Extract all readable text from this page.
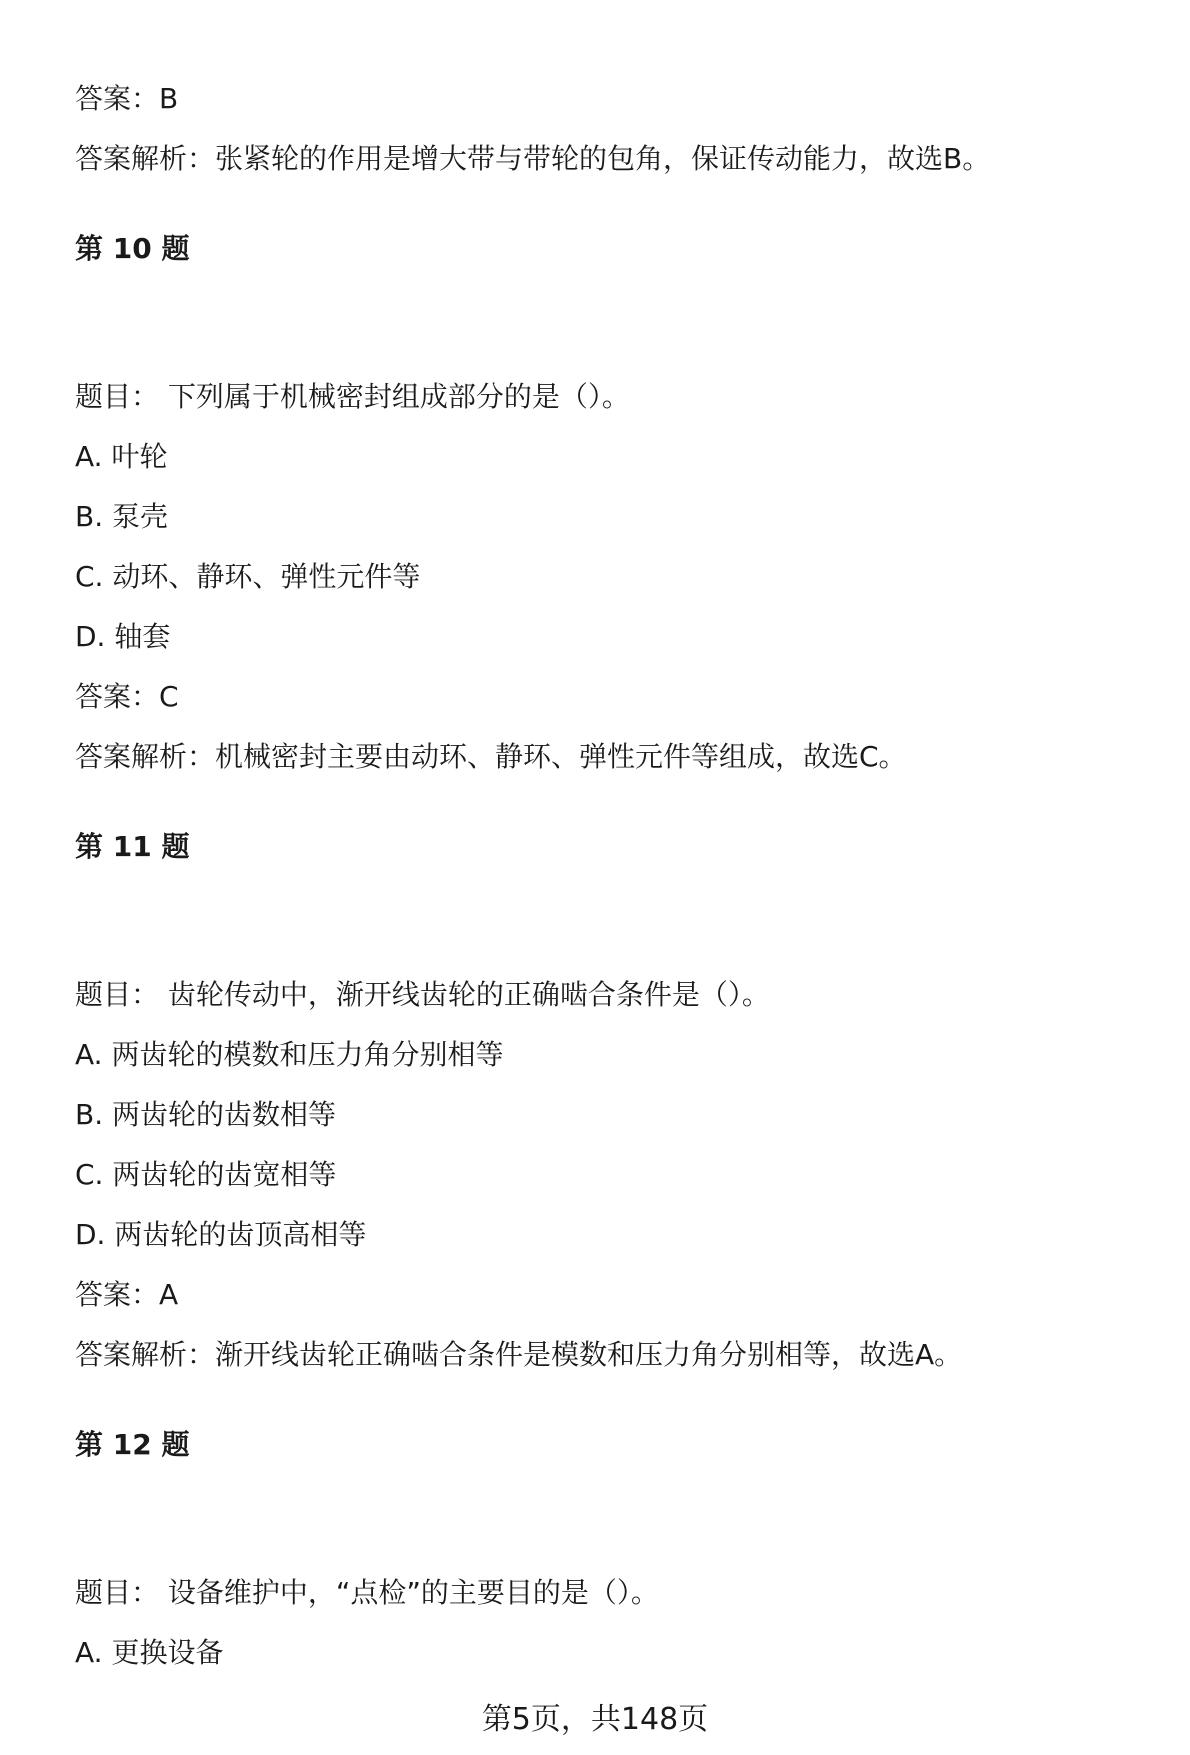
答案：B
答案解析：张紧轮的作用是增大带与带轮的包角，保证传动能力，故选B。
第 10 题
题目： 下列属于机械密封组成部分的是（）。
A. 叶轮
B. 泵壳
C. 动环、静环、弹性元件等
D. 轴套
答案：C
答案解析：机械密封主要由动环、静环、弹性元件等组成，故选C。
第 11 题
题目： 齿轮传动中，渐开线齿轮的正确啮合条件是（）。
A. 两齿轮的模数和压力角分别相等
B. 两齿轮的齿数相等
C. 两齿轮的齿宽相等
D. 两齿轮的齿顶高相等
答案：A
答案解析：渐开线齿轮正确啮合条件是模数和压力角分别相等，故选A。
第 12 题
题目： 设备维护中，“点检”的主要目的是（）。
A. 更换设备
第5页，共148页
